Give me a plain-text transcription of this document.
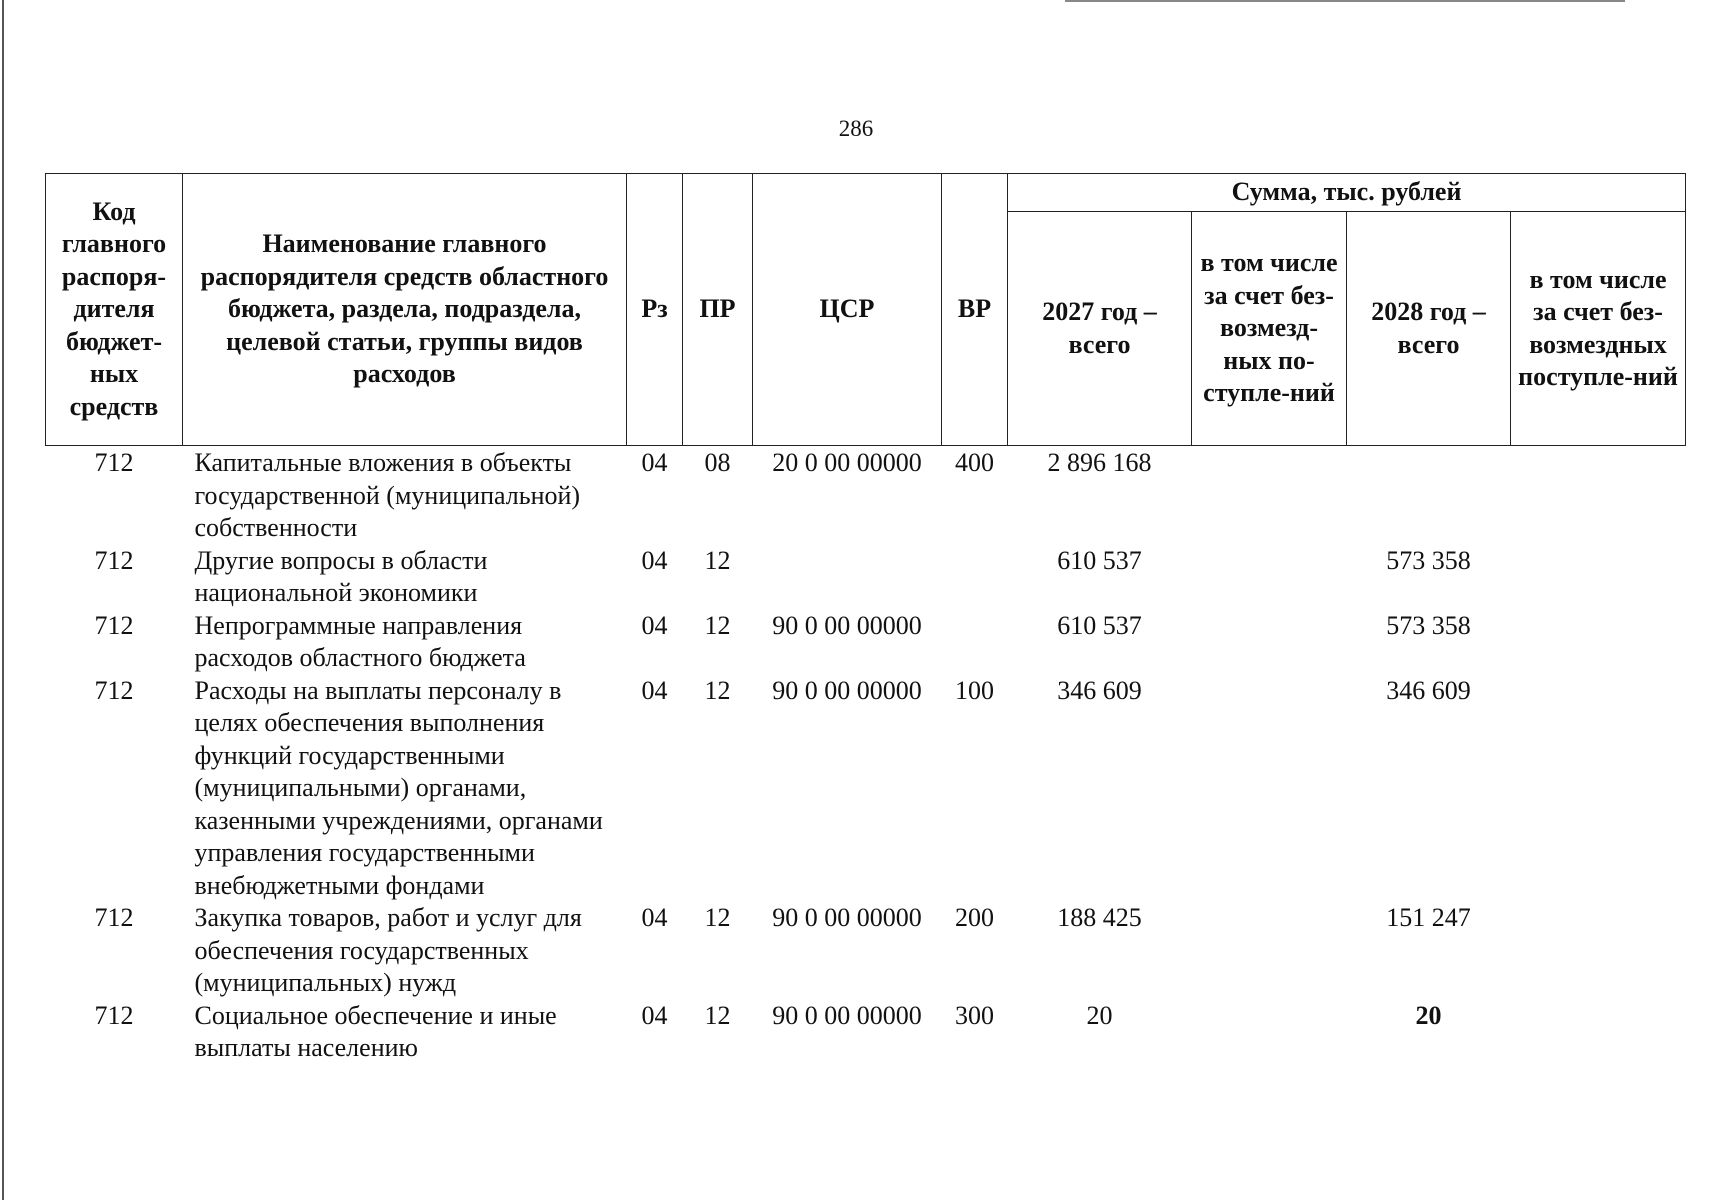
286
Код главного распоря-дителя бюджет-ных средств	Наименование главного распорядителя средств областного бюджета, раздела, подраздела, целевой статьи, группы видов расходов	Рз	ПР	ЦСР	ВР	Сумма, тыс. рублей			
						2027 год – всего	в том числе за счет без-возмезд-ных по-ступле-ний	2028 год – всего	в том числе за счет без-возмездных поступле-ний
712	Капитальные вложения в объекты государственной (муниципальной) собственности	04	08	20 0 00 00000	400	2 896 168			
712	Другие вопросы в области национальной экономики	04	12			610 537		573 358	
712	Непрограммные направления расходов областного бюджета	04	12	90 0 00 00000		610 537		573 358	
712	Расходы на выплаты персоналу в целях обеспечения выполнения функций государственными (муниципальными) органами, казенными учреждениями, органами управления государственными внебюджетными фондами	04	12	90 0 00 00000	100	346 609		346 609	
712	Закупка товаров, работ и услуг для обеспечения государственных (муниципальных) нужд	04	12	90 0 00 00000	200	188 425		151 247	
712	Социальное обеспечение и иные выплаты населению	04	12	90 0 00 00000	300	20		20	
